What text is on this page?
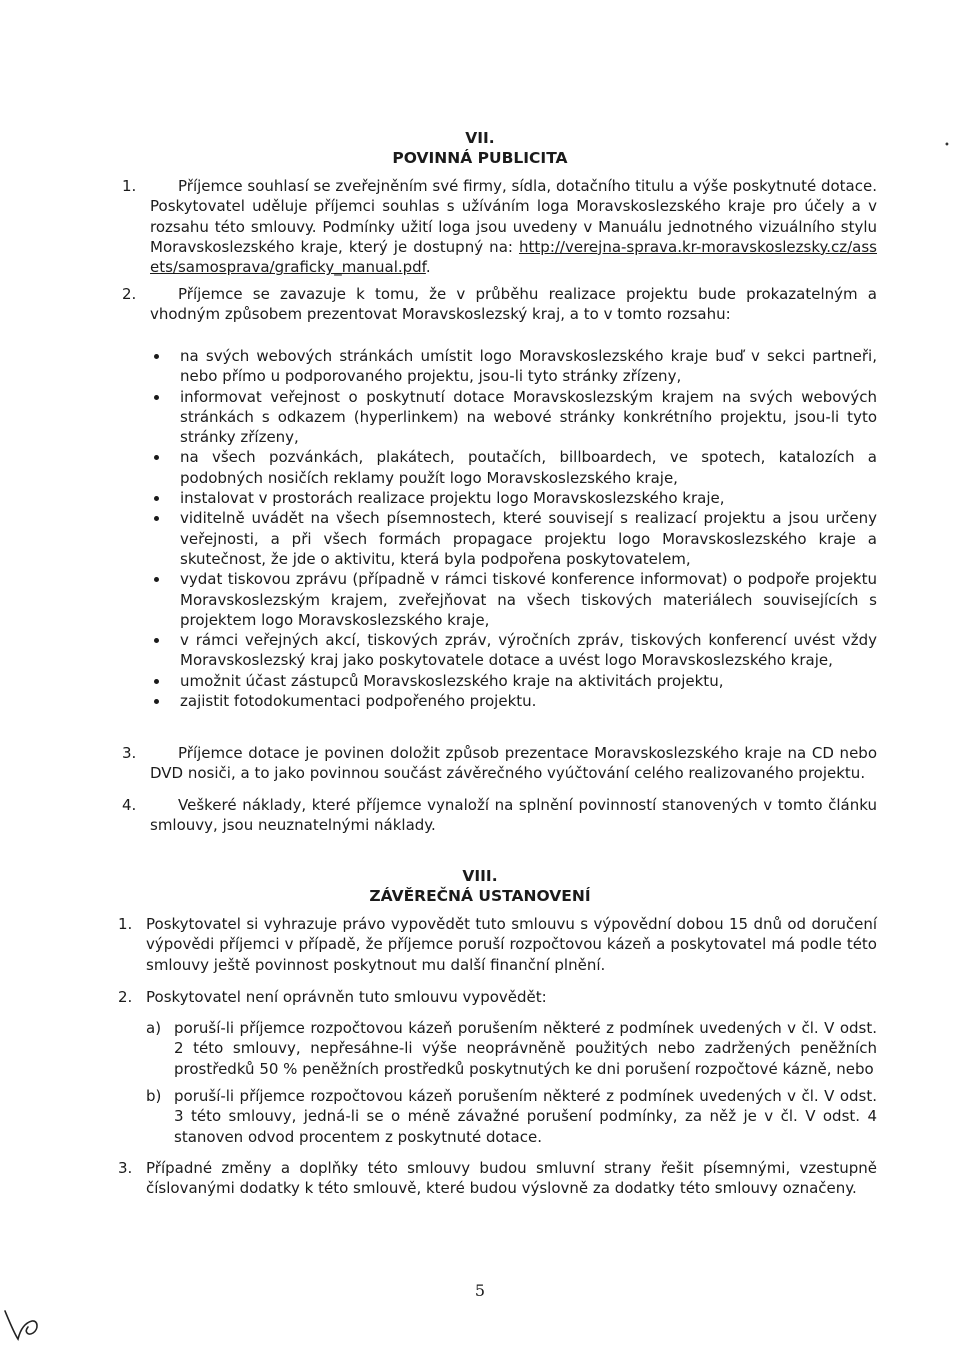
VII.
POVINNÁ PUBLICITA
1.	Příjemce souhlasí se zveřejněním své firmy, sídla, dotačního titulu a výše poskytnuté dotace. Poskytovatel uděluje příjemci souhlas s užíváním loga Moravskoslezského kraje pro účely a v rozsahu této smlouvy. Podmínky užití loga jsou uvedeny v Manuálu jednotného vizuálního stylu Moravskoslezského kraje, který je dostupný na: http://verejna-sprava.kr-moravskoslezsky.cz/assets/samosprava/graficky_manual.pdf.
2.	Příjemce se zavazuje k tomu, že v průběhu realizace projektu bude prokazatelným a vhodným způsobem prezentovat Moravskoslezský kraj, a to v tomto rozsahu:
na svých webových stránkách umístit logo Moravskoslezského kraje buď v sekci partneři, nebo přímo u podporovaného projektu, jsou-li tyto stránky zřízeny,
informovat veřejnost o poskytnutí dotace Moravskoslezským krajem na svých webových stránkách s odkazem (hyperlinkem) na webové stránky konkrétního projektu, jsou-li tyto stránky zřízeny,
na všech pozvánkách, plakátech, poutačích, billboardech, ve spotech, katalozích a podobných nosičích reklamy použít logo Moravskoslezského kraje,
instalovat v prostorách realizace projektu logo Moravskoslezského kraje,
viditelně uvádět na všech písemnostech, které souvisejí s realizací projektu a jsou určeny veřejnosti, a při všech formách propagace projektu logo Moravskoslezského kraje a skutečnost, že jde o aktivitu, která byla podpořena poskytovatelem,
vydat tiskovou zprávu (případně v rámci tiskové konference informovat) o podpoře projektu Moravskoslezským krajem, zveřejňovat na všech tiskových materiálech souvisejících s projektem logo Moravskoslezského kraje,
v rámci veřejných akcí, tiskových zpráv, výročních zpráv, tiskových konferencí uvést vždy Moravskoslezský kraj jako poskytovatele dotace a uvést logo Moravskoslezského kraje,
umožnit účast zástupců Moravskoslezského kraje na aktivitách projektu,
zajistit fotodokumentaci podpořeného projektu.
3.	Příjemce dotace je povinen doložit způsob prezentace Moravskoslezského kraje na CD nebo DVD nosiči, a to jako povinnou součást závěrečného vyúčtování celého realizovaného projektu.
4.	Veškeré náklady, které příjemce vynaloží na splnění povinností stanovených v tomto článku smlouvy, jsou neuznatelnými náklady.
VIII.
ZÁVĚREČNÁ USTANOVENÍ
1. Poskytovatel si vyhrazuje právo vypovědět tuto smlouvu s výpovědní dobou 15 dnů od doručení výpovědi příjemci v případě, že příjemce poruší rozpočtovou kázeň a poskytovatel má podle této smlouvy ještě povinnost poskytnout mu další finanční plnění.
2. Poskytovatel není oprávněn tuto smlouvu vypovědět:
a) poruší-li příjemce rozpočtovou kázeň porušením některé z podmínek uvedených v čl. V odst. 2 této smlouvy, nepřesáhne-li výše neoprávněně použitých nebo zadržených peněžních prostředků 50 % peněžních prostředků poskytnutých ke dni porušení rozpočtové kázně, nebo
b) poruší-li příjemce rozpočtovou kázeň porušením některé z podmínek uvedených v čl. V odst. 3 této smlouvy, jedná-li se o méně závažné porušení podmínky, za něž je v čl. V odst. 4 stanoven odvod procentem z poskytnuté dotace.
3. Případné změny a doplňky této smlouvy budou smluvní strany řešit písemnými, vzestupně číslovanými dodatky k této smlouvě, které budou výslovně za dodatky této smlouvy označeny.
5
•
